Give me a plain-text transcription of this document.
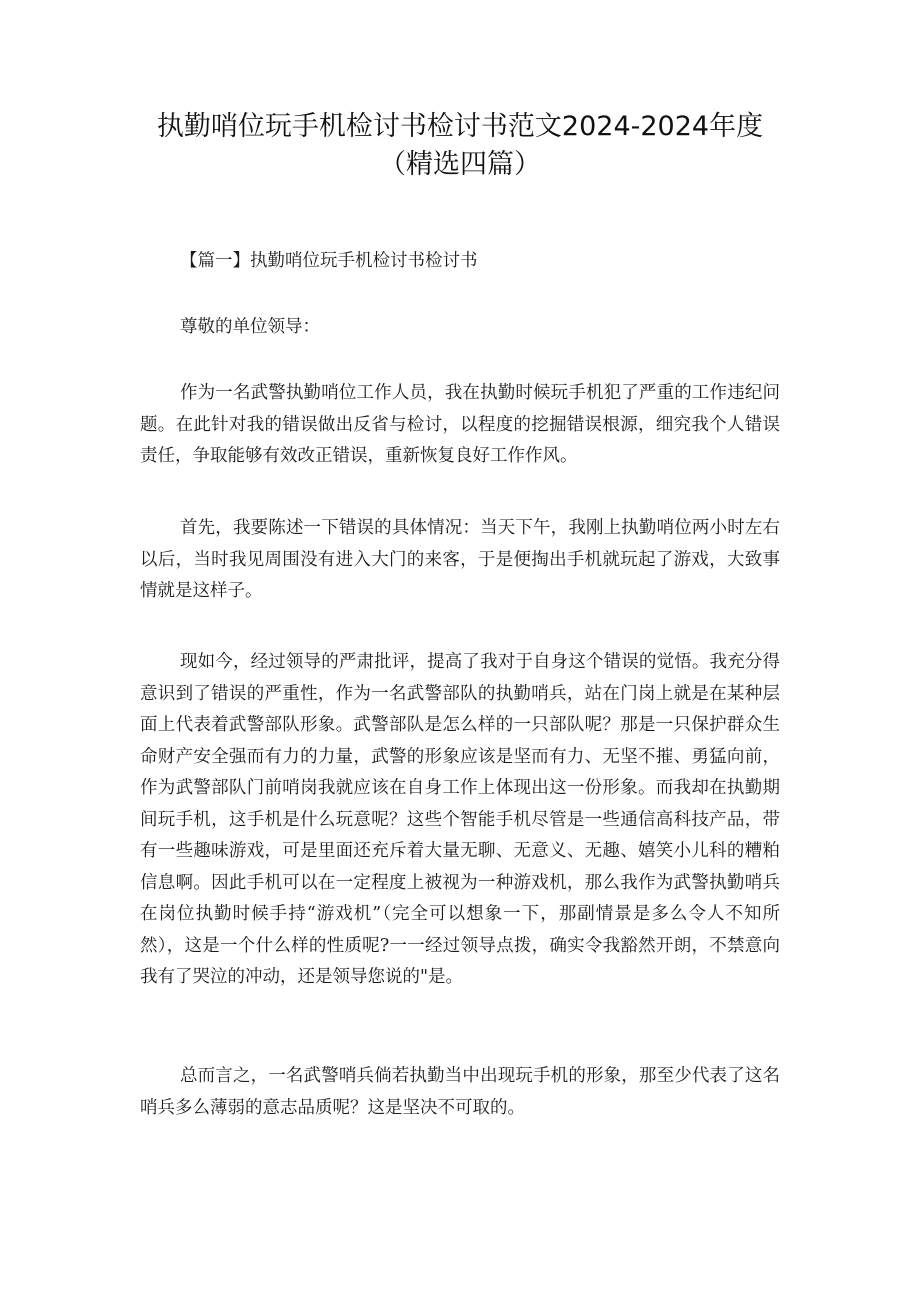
执勤哨位玩手机检讨书检讨书范文2024-2024年度（精选四篇）

【篇一】执勤哨位玩手机检讨书检讨书

尊敬的单位领导：

作为一名武警执勤哨位工作人员，我在执勤时候玩手机犯了严重的工作违纪问题。在此针对我的错误做出反省与检讨，以程度的挖掘错误根源，细究我个人错误责任，争取能够有效改正错误，重新恢复良好工作作风。

首先，我要陈述一下错误的具体情况：当天下午，我刚上执勤哨位两小时左右以后，当时我见周围没有进入大门的来客，于是便掏出手机就玩起了游戏，大致事情就是这样子。

现如今，经过领导的严肃批评，提高了我对于自身这个错误的觉悟。我充分得意识到了错误的严重性，作为一名武警部队的执勤哨兵，站在门岗上就是在某种层面上代表着武警部队形象。武警部队是怎么样的一只部队呢？那是一只保护群众生命财产安全强而有力的力量，武警的形象应该是坚而有力、无坚不摧、勇猛向前，作为武警部队门前哨岗我就应该在自身工作上体现出这一份形象。而我却在执勤期间玩手机，这手机是什么玩意呢？这些个智能手机尽管是一些通信高科技产品，带有一些趣味游戏，可是里面还充斥着大量无聊、无意义、无趣、嬉笑小儿科的糟粕信息啊。因此手机可以在一定程度上被视为一种游戏机，那么我作为武警执勤哨兵在岗位执勤时候手持“游戏机”（完全可以想象一下，那副情景是多么令人不知所然），这是一个什么样的性质呢?一一经过领导点拨，确实令我豁然开朗，不禁意向我有了哭泣的冲动，还是领导您说的"是。

总而言之，一名武警哨兵倘若执勤当中出现玩手机的形象，那至少代表了这名哨兵多么薄弱的意志品质呢？这是坚决不可取的。
